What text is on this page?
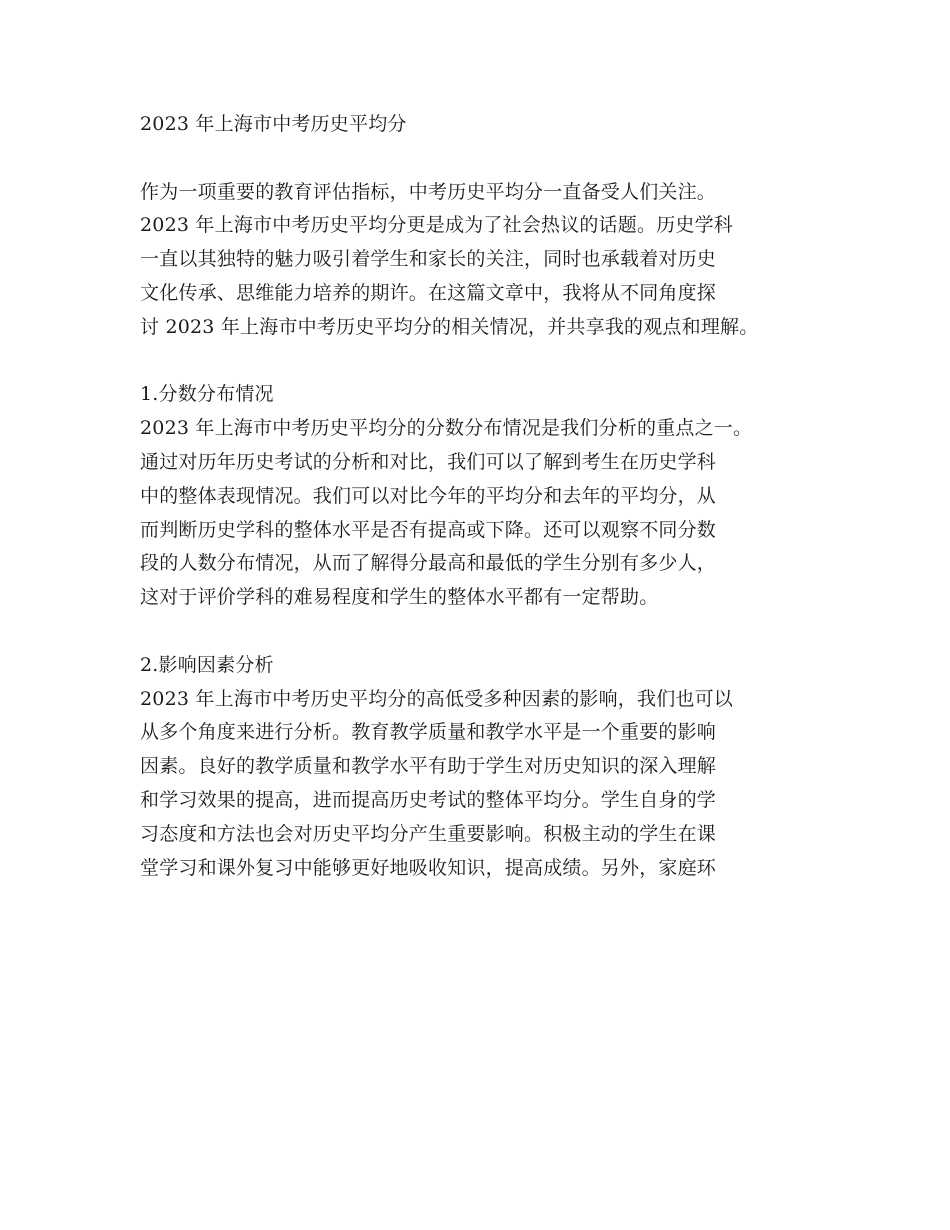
2023 年上海市中考历史平均分
作为一项重要的教育评估指标，中考历史平均分一直备受人们关注。
2023 年上海市中考历史平均分更是成为了社会热议的话题。历史学科
一直以其独特的魅力吸引着学生和家长的关注，同时也承载着对历史
文化传承、思维能力培养的期许。在这篇文章中，我将从不同角度探
讨 2023 年上海市中考历史平均分的相关情况，并共享我的观点和理解。
1.分数分布情况
2023 年上海市中考历史平均分的分数分布情况是我们分析的重点之一。
通过对历年历史考试的分析和对比，我们可以了解到考生在历史学科
中的整体表现情况。我们可以对比今年的平均分和去年的平均分，从
而判断历史学科的整体水平是否有提高或下降。还可以观察不同分数
段的人数分布情况，从而了解得分最高和最低的学生分别有多少人，
这对于评价学科的难易程度和学生的整体水平都有一定帮助。
2.影响因素分析
2023 年上海市中考历史平均分的高低受多种因素的影响，我们也可以
从多个角度来进行分析。教育教学质量和教学水平是一个重要的影响
因素。良好的教学质量和教学水平有助于学生对历史知识的深入理解
和学习效果的提高，进而提高历史考试的整体平均分。学生自身的学
习态度和方法也会对历史平均分产生重要影响。积极主动的学生在课
堂学习和课外复习中能够更好地吸收知识，提高成绩。另外，家庭环
